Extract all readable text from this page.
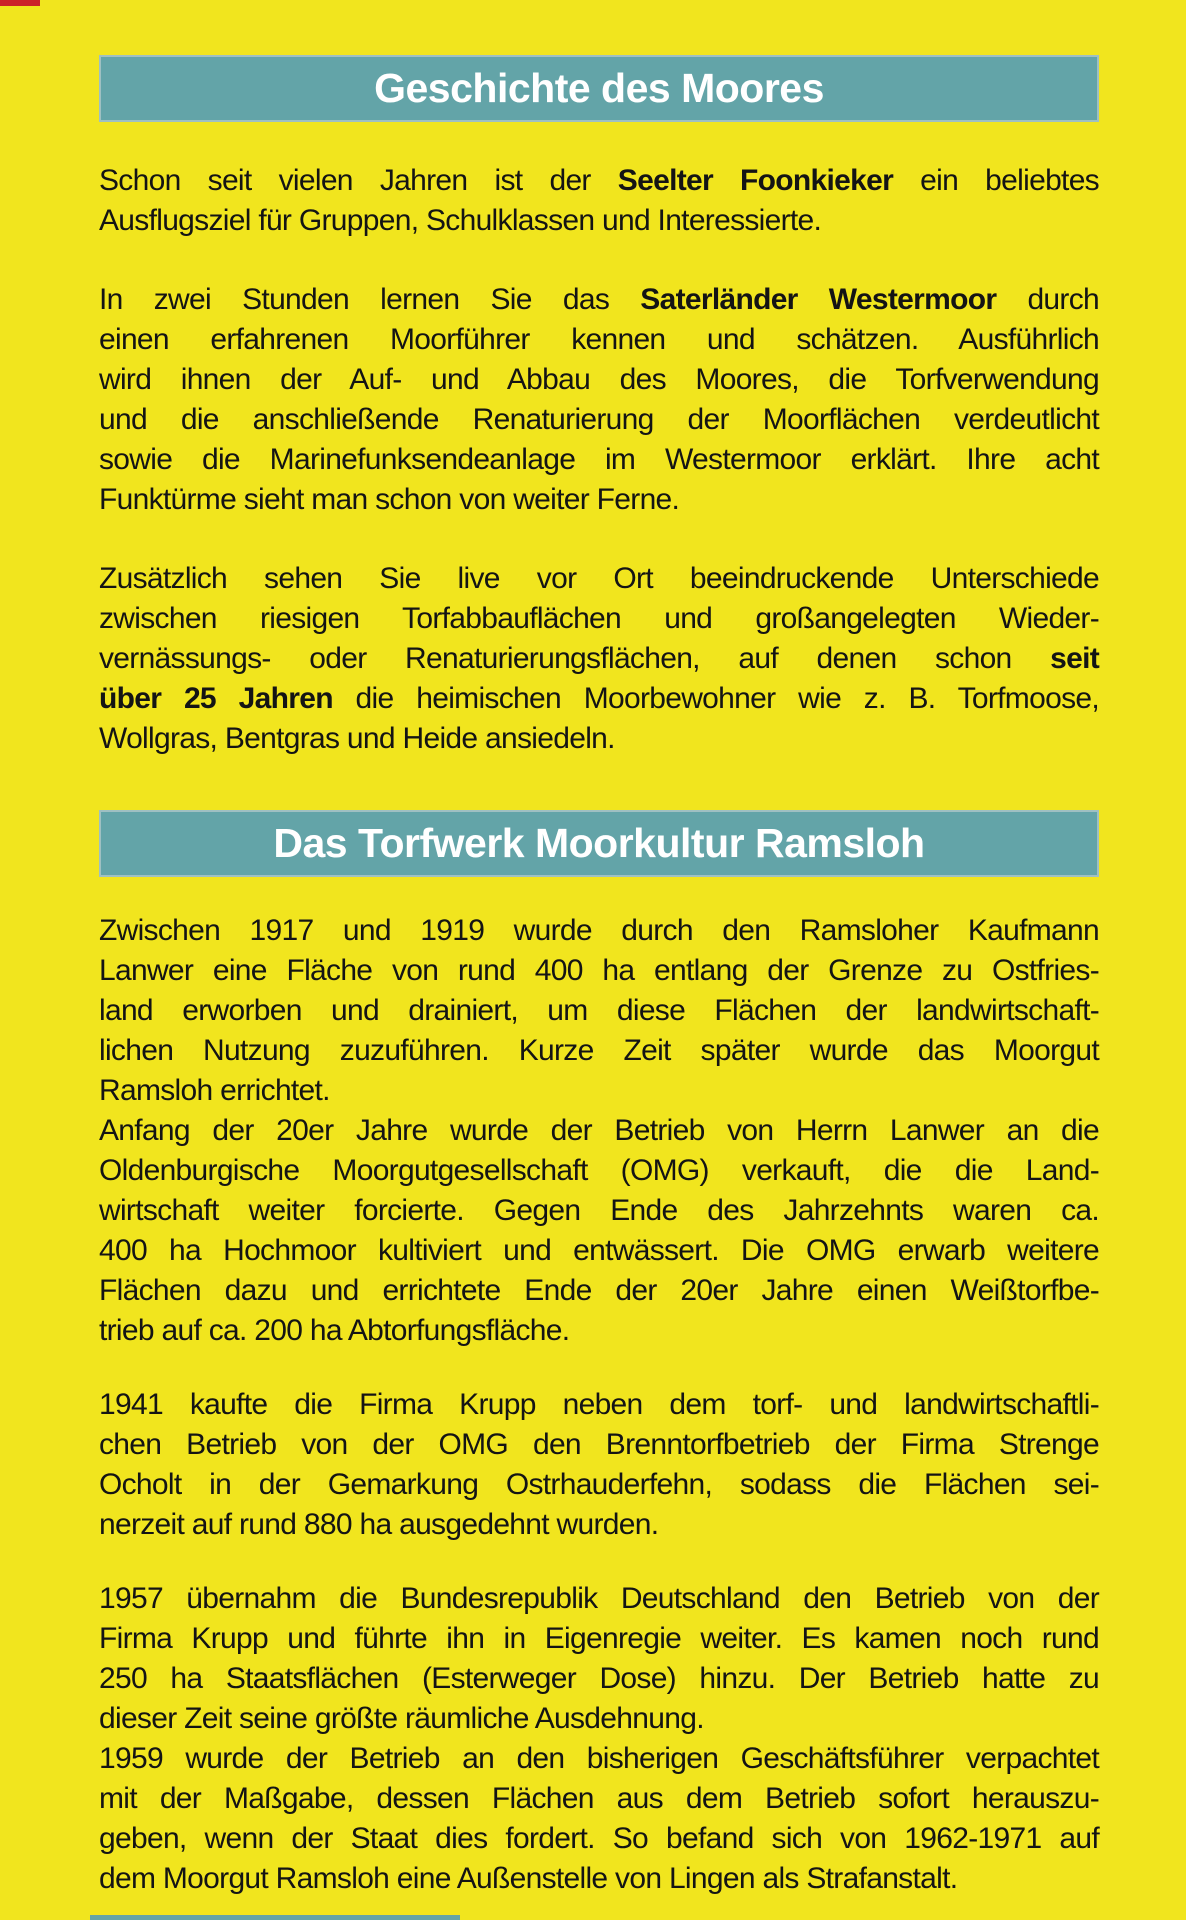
Geschichte des Moores
Schon seit vielen Jahren ist der Seelter Foonkieker ein beliebtes
Ausflugsziel für Gruppen, Schulklassen und Interessierte.
In zwei Stunden lernen Sie das Saterländer Westermoor durch
einen erfahrenen Moorführer kennen und schätzen. Ausführlich
wird ihnen der Auf- und Abbau des Moores, die Torfverwendung
und die anschließende Renaturierung der Moorflächen verdeutlicht
sowie die Marinefunksendeanlage im Westermoor erklärt. Ihre acht
Funktürme sieht man schon von weiter Ferne.
Zusätzlich sehen Sie live vor Ort beeindruckende Unterschiede
zwischen riesigen Torfabbauflächen und großangelegten Wieder-
vernässungs- oder Renaturierungsflächen, auf denen schon seit
über 25 Jahren die heimischen Moorbewohner wie z. B. Torfmoose,
Wollgras, Bentgras und Heide ansiedeln.
Das Torfwerk Moorkultur Ramsloh
Zwischen 1917 und 1919 wurde durch den Ramsloher Kaufmann
Lanwer eine Fläche von rund 400 ha entlang der Grenze zu Ostfries-
land erworben und drainiert, um diese Flächen der landwirtschaft-
lichen Nutzung zuzuführen. Kurze Zeit später wurde das Moorgut
Ramsloh errichtet.
Anfang der 20er Jahre wurde der Betrieb von Herrn Lanwer an die
Oldenburgische Moorgutgesellschaft (OMG) verkauft, die die Land-
wirtschaft weiter forcierte. Gegen Ende des Jahrzehnts waren ca.
400 ha Hochmoor kultiviert und entwässert. Die OMG erwarb weitere
Flächen dazu und errichtete Ende der 20er Jahre einen Weißtorfbe-
trieb auf ca. 200 ha Abtorfungsfläche.
1941 kaufte die Firma Krupp neben dem torf- und landwirtschaftli-
chen Betrieb von der OMG den Brenntorfbetrieb der Firma Strenge
Ocholt in der Gemarkung Ostrhauderfehn, sodass die Flächen sei-
nerzeit auf rund 880 ha ausgedehnt wurden.
1957 übernahm die Bundesrepublik Deutschland den Betrieb von der
Firma Krupp und führte ihn in Eigenregie weiter. Es kamen noch rund
250 ha Staatsflächen (Esterweger Dose) hinzu. Der Betrieb hatte zu
dieser Zeit seine größte räumliche Ausdehnung.
1959 wurde der Betrieb an den bisherigen Geschäftsführer verpachtet
mit der Maßgabe, dessen Flächen aus dem Betrieb sofort herauszu-
geben, wenn der Staat dies fordert. So befand sich von 1962-1971 auf
dem Moorgut Ramsloh eine Außenstelle von Lingen als Strafanstalt.
